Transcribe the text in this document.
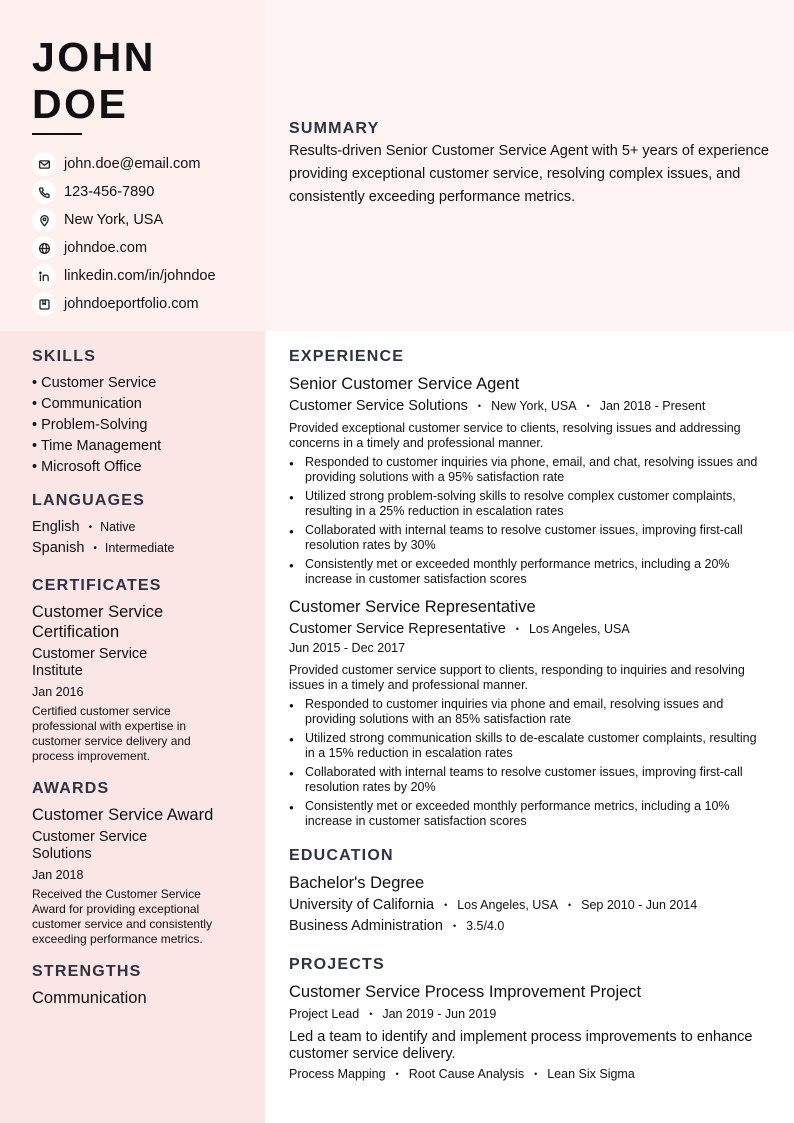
JOHN
DOE
john.doe@email.com
123-456-7890
New York, USA
johndoe.com
linkedin.com/in/johndoe
johndoeportfolio.com
SUMMARY

Results-driven Senior Customer Service Agent with 5+ years of experience providing exceptional customer service, resolving complex issues, and consistently exceeding performance metrics.

SKILLS
• Customer Service
• Communication
• Problem-Solving
• Time Management
• Microsoft Office
LANGUAGES
English • Native
Spanish • Intermediate
CERTIFICATES
Customer Service Certification
Customer Service Institute
Jan 2016
Certified customer service professional with expertise in customer service delivery and process improvement.
AWARDS
Customer Service Award
Customer Service Solutions
Jan 2018
Received the Customer Service Award for providing exceptional customer service and consistently exceeding performance metrics.
STRENGTHS
Communication
EXPERIENCE
Senior Customer Service Agent
Customer Service Solutions • New York, USA • Jan 2018 - Present
Provided exceptional customer service to clients, resolving issues and addressing concerns in a timely and professional manner.
● Responded to customer inquiries via phone, email, and chat, resolving issues and providing solutions with a 95% satisfaction rate
● Utilized strong problem-solving skills to resolve complex customer complaints, resulting in a 25% reduction in escalation rates
● Collaborated with internal teams to resolve customer issues, improving first-call resolution rates by 30%
● Consistently met or exceeded monthly performance metrics, including a 20% increase in customer satisfaction scores
Customer Service Representative
Customer Service Representative • Los Angeles, USA
Jun 2015 - Dec 2017
Provided customer service support to clients, responding to inquiries and resolving issues in a timely and professional manner.
● Responded to customer inquiries via phone and email, resolving issues and providing solutions with an 85% satisfaction rate
● Utilized strong communication skills to de-escalate customer complaints, resulting in a 15% reduction in escalation rates
● Collaborated with internal teams to resolve customer issues, improving first-call resolution rates by 20%
● Consistently met or exceeded monthly performance metrics, including a 10% increase in customer satisfaction scores
EDUCATION
Bachelor's Degree
University of California • Los Angeles, USA • Sep 2010 - Jun 2014
Business Administration • 3.5/4.0
PROJECTS
Customer Service Process Improvement Project
Project Lead • Jan 2019 - Jun 2019
Led a team to identify and implement process improvements to enhance customer service delivery.
Process Mapping • Root Cause Analysis • Lean Six Sigma
